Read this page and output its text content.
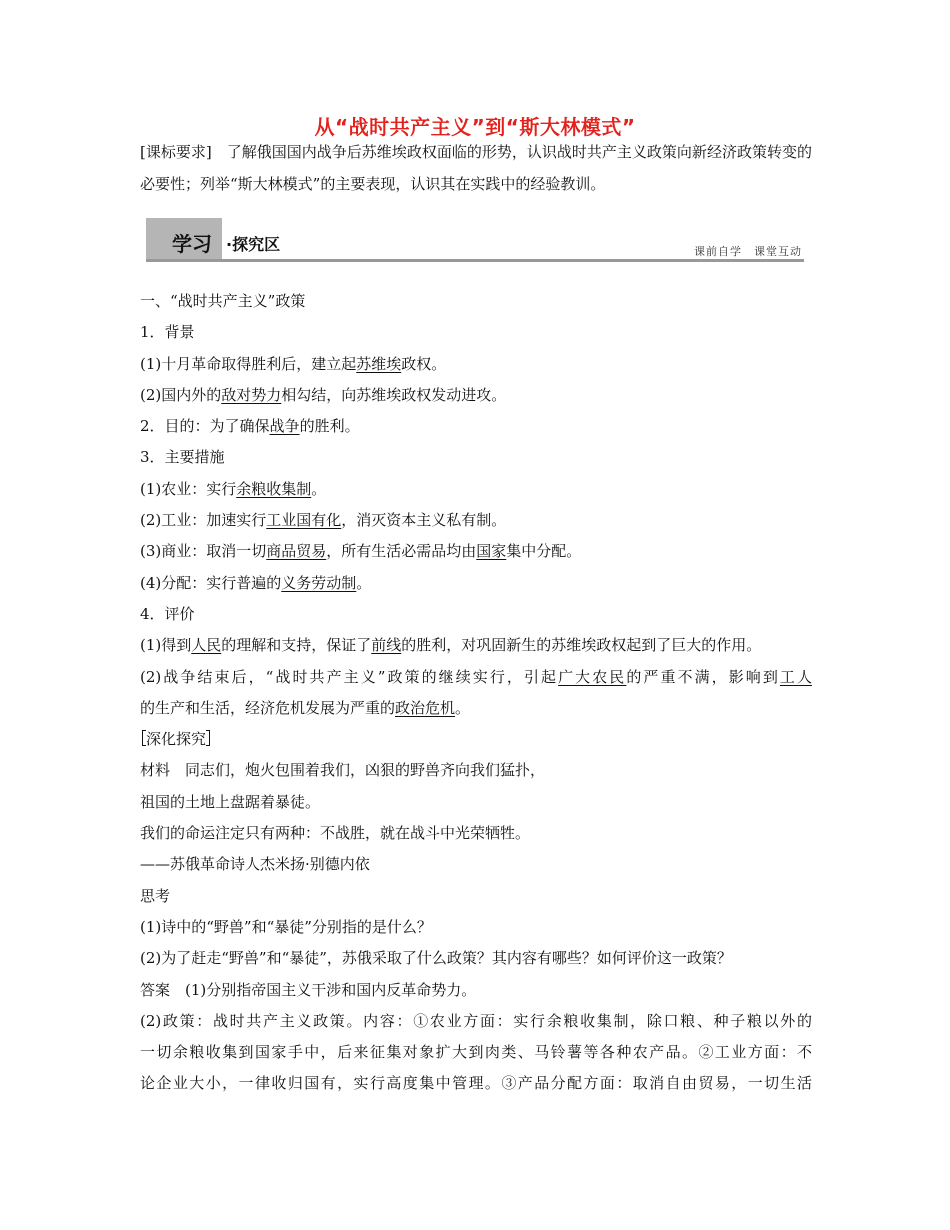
从“战时共产主义”到“斯大林模式”
[课标要求]　了解俄国国内战争后苏维埃政权面临的形势，认识战时共产主义政策向新经济政策转变的必要性；列举“斯大林模式”的主要表现，认识其在实践中的经验教训。
学习 ·探究区	课前自学　课堂互动

一、“战时共产主义”政策

1．背景

(1)十月革命取得胜利后，建立起苏维埃政权。

(2)国内外的敌对势力相勾结，向苏维埃政权发动进攻。

2．目的：为了确保战争的胜利。

3．主要措施

(1)农业：实行余粮收集制。

(2)工业：加速实行工业国有化，消灭资本主义私有制。

(3)商业：取消一切商品贸易，所有生活必需品均由国家集中分配。

(4)分配：实行普遍的义务劳动制。

4．评价

(1)得到人民的理解和支持，保证了前线的胜利，对巩固新生的苏维埃政权起到了巨大的作用。

(2)战争结束后，“战时共产主义”政策的继续实行，引起广大农民的严重不满，影响到工人

的生产和生活，经济危机发展为严重的政治危机。

深化探究

材料　同志们，炮火包围着我们，凶狠的野兽齐向我们猛扑，

祖国的土地上盘踞着暴徒。

我们的命运注定只有两种：不战胜，就在战斗中光荣牺牲。

——苏俄革命诗人杰米扬·别德内依

思考

(1)诗中的“野兽”和“暴徒”分别指的是什么？

(2)为了赶走“野兽”和“暴徒”，苏俄采取了什么政策？其内容有哪些？如何评价这一政策？

答案　(1)分别指帝国主义干涉和国内反革命势力。

(2)政策：战时共产主义政策。内容：①农业方面：实行余粮收集制，除口粮、种子粮以外的

一切余粮收集到国家手中，后来征集对象扩大到肉类、马铃薯等各种农产品。②工业方面：不

论企业大小，一律收归国有，实行高度集中管理。③产品分配方面：取消自由贸易，一切生活
